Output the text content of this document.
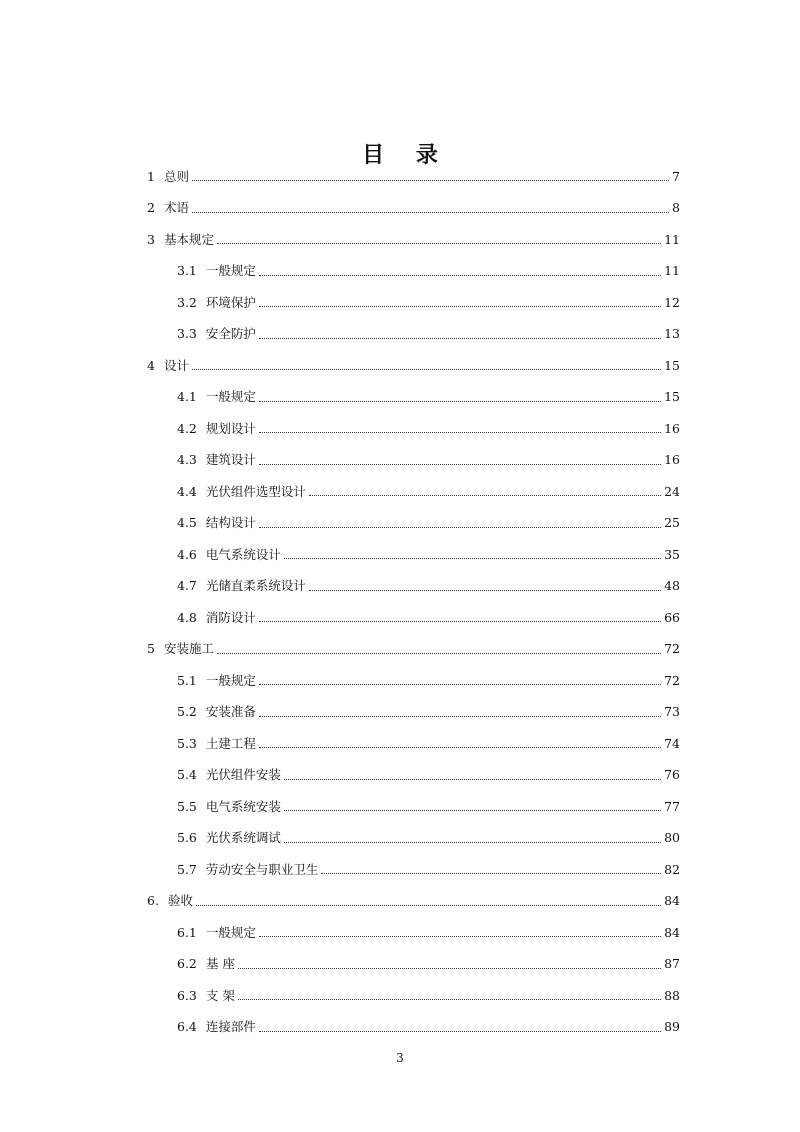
目 录
1 总则	7
2 术语	8
3 基本规定	11
3.1 一般规定	11
3.2 环境保护	12
3.3 安全防护	13
4 设计	15
4.1 一般规定	15
4.2 规划设计	16
4.3 建筑设计	16
4.4 光伏组件选型设计	24
4.5 结构设计	25
4.6 电气系统设计	35
4.7 光储直柔系统设计	48
4.8 消防设计	66
5 安装施工	72
5.1 一般规定	72
5.2 安装准备	73
5.3 土建工程	74
5.4 光伏组件安装	76
5.5 电气系统安装	77
5.6 光伏系统调试	80
5.7 劳动安全与职业卫生	82
6. 验收	84
6.1 一般规定	84
6.2 基 座	87
6.3 支 架	88
6.4 连接部件	89
3
